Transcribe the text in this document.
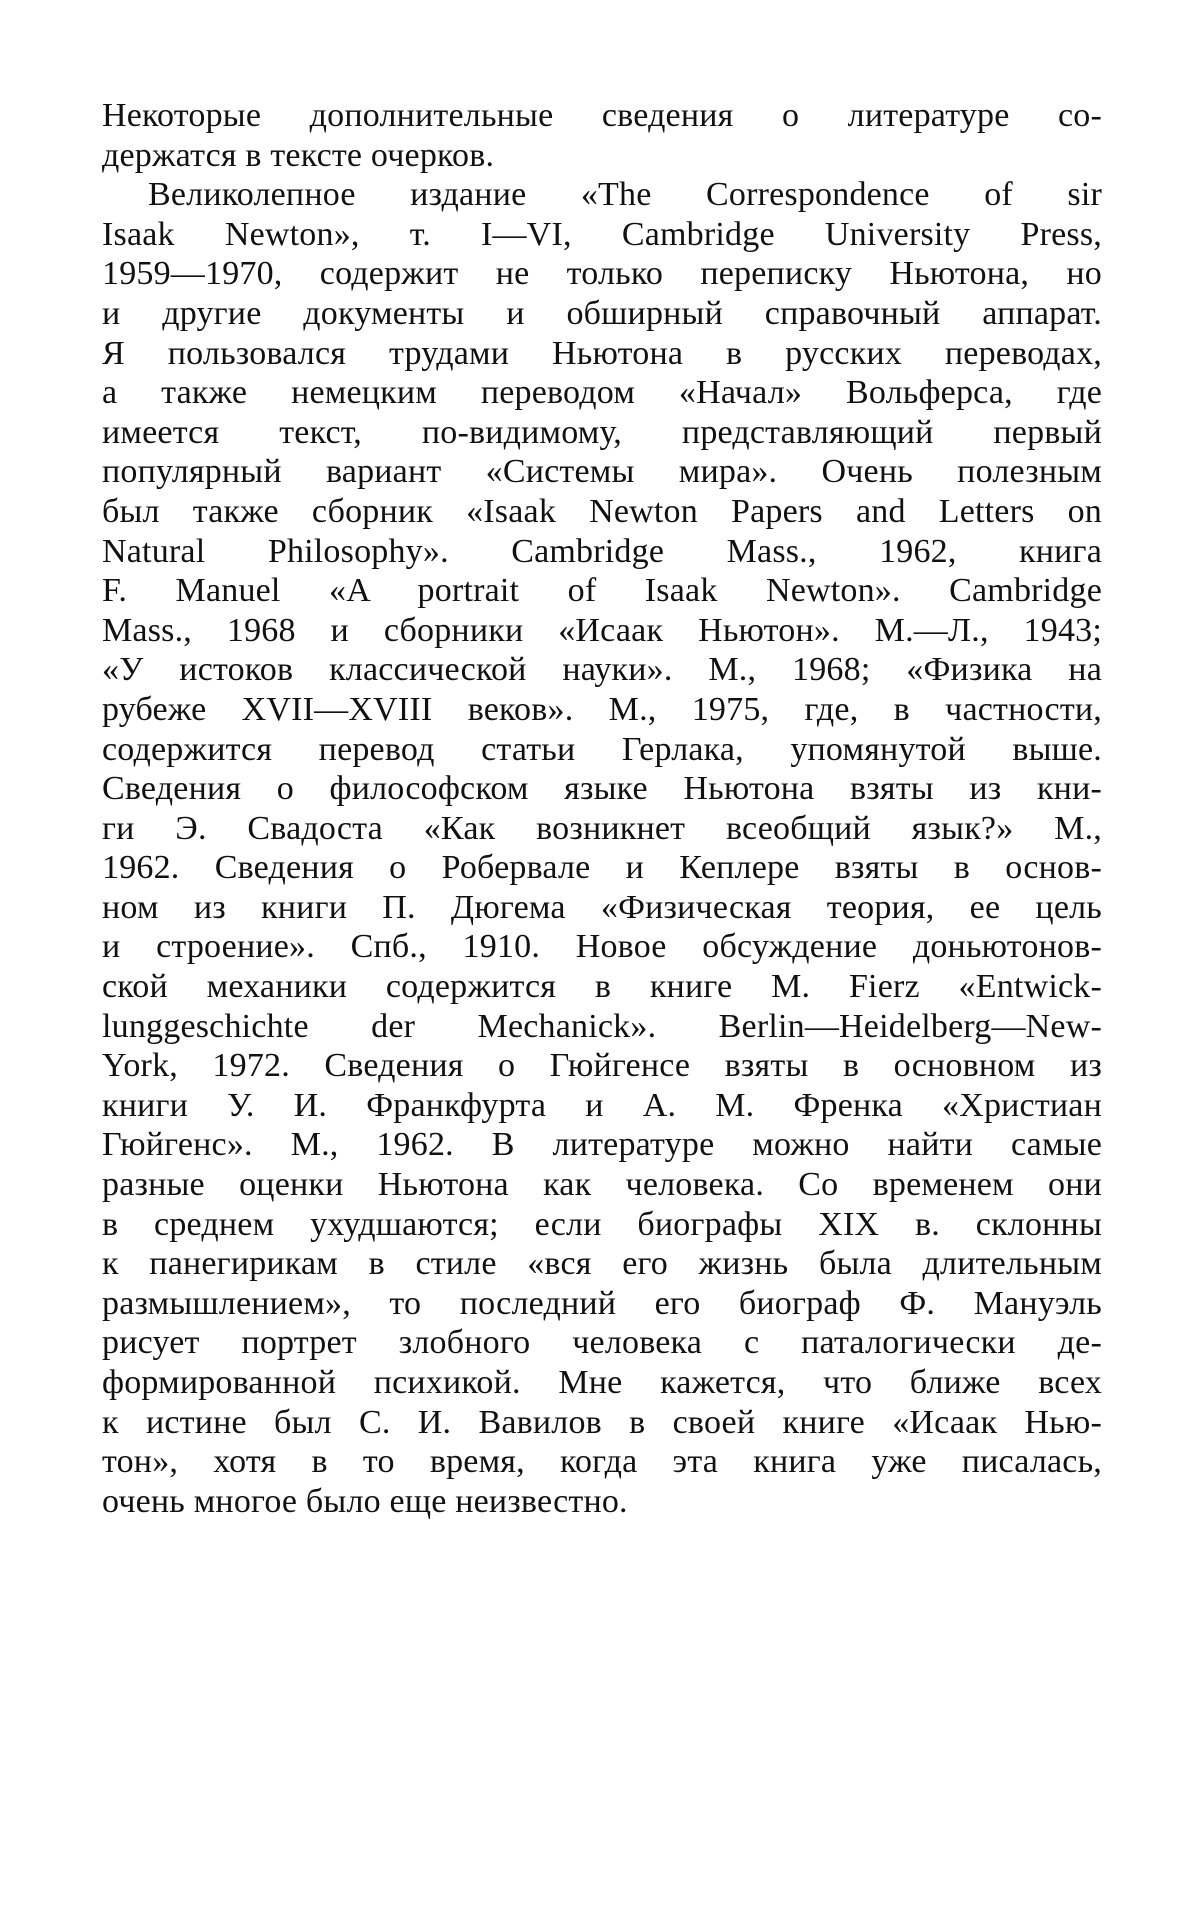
Некоторые дополнительные сведения о литературе со-
держатся в тексте очерков.
Великолепное издание «The Correspondence of sir
Isaak Newton», т. I—VI, Cambridge University Press,
1959—1970, содержит не только переписку Ньютона, но
и другие документы и обширный справочный аппарат.
Я пользовался трудами Ньютона в русских переводах,
а также немецким переводом «Начал» Вольферса, где
имеется текст, по-видимому, представляющий первый
популярный вариант «Системы мира». Очень полезным
был также сборник «Isaak Newton Papers and Letters on
Natural Philosophy». Cambridge Mass., 1962, книга
F. Manuel «A portrait of Isaak Newton». Cambridge
Mass., 1968 и сборники «Исаак Ньютон». М.—Л., 1943;
«У истоков классической науки». М., 1968; «Физика на
рубеже XVII—XVIII веков». М., 1975, где, в частности,
содержится перевод статьи Герлака, упомянутой выше.
Сведения о философском языке Ньютона взяты из кни-
ги Э. Свадоста «Как возникнет всеобщий язык?» М.,
1962. Сведения о Робервале и Кеплере взяты в основ-
ном из книги П. Дюгема «Физическая теория, ее цель
и строение». Спб., 1910. Новое обсуждение доньютонов-
ской механики содержится в книге M. Fierz «Entwick-
lunggeschichte der Mechanick». Berlin—Heidelberg—New-
York, 1972. Сведения о Гюйгенсе взяты в основном из
книги У. И. Франкфурта и А. М. Френка «Христиан
Гюйгенс». М., 1962. В литературе можно найти самые
разные оценки Ньютона как человека. Со временем они
в среднем ухудшаются; если биографы XIX в. склонны
к панегирикам в стиле «вся его жизнь была длительным
размышлением», то последний его биограф Ф. Мануэль
рисует портрет злобного человека с паталогически де-
формированной психикой. Мне кажется, что ближе всех
к истине был С. И. Вавилов в своей книге «Исаак Нью-
тон», хотя в то время, когда эта книга уже писалась,
очень многое было еще неизвестно.
